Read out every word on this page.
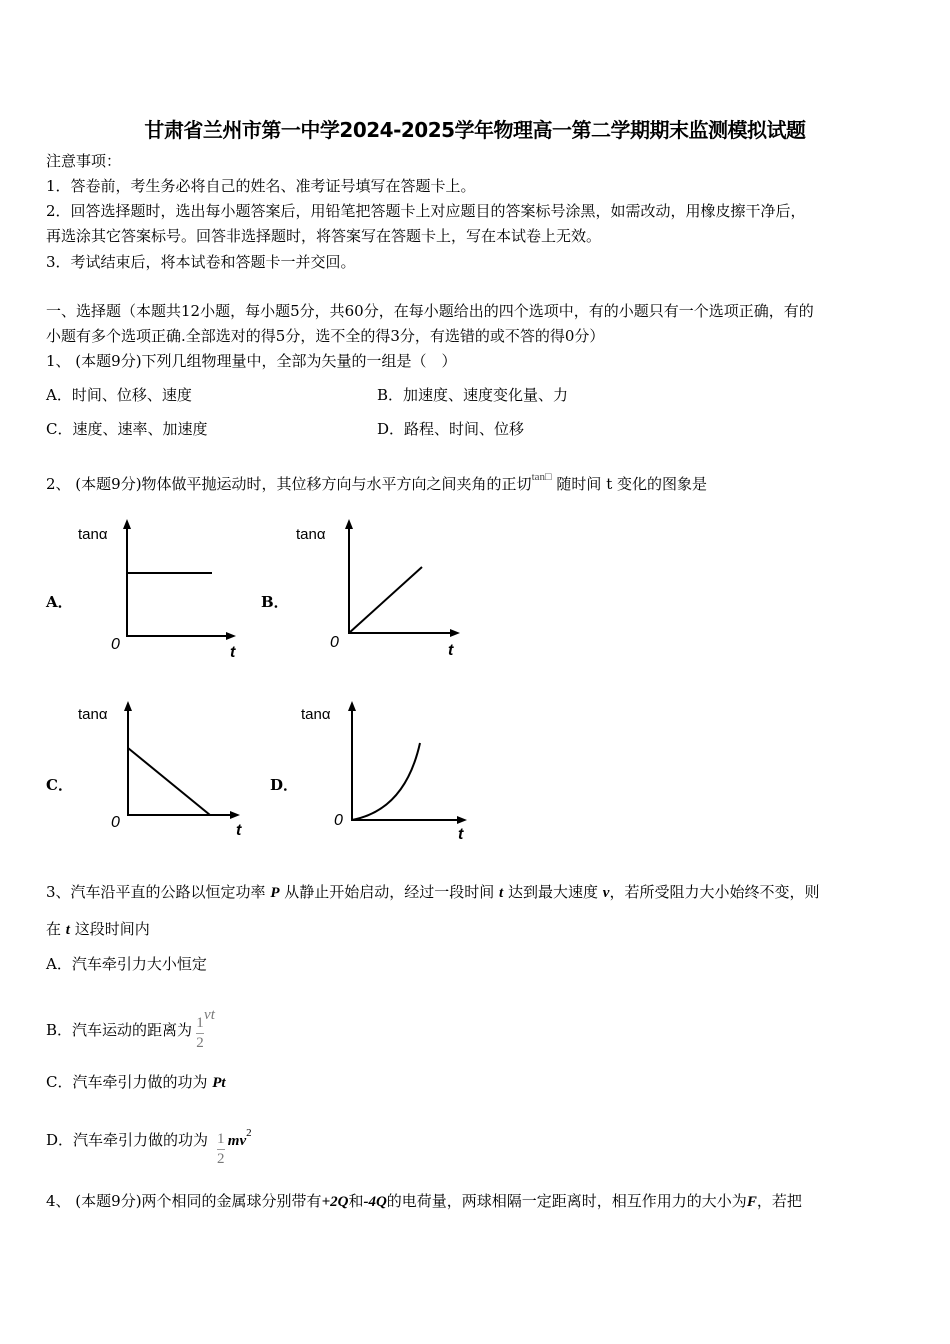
甘肃省兰州市第一中学2024-2025学年物理高一第二学期期末监测模拟试题
注意事项：
1．答卷前，考生务必将自己的姓名、准考证号填写在答题卡上。
2．回答选择题时，选出每小题答案后，用铅笔把答题卡上对应题目的答案标号涂黑，如需改动，用橡皮擦干净后，
再选涂其它答案标号。回答非选择题时，将答案写在答题卡上，写在本试卷上无效。
3．考试结束后，将本试卷和答题卡一并交回。
一、选择题（本题共12小题，每小题5分，共60分，在每小题给出的四个选项中，有的小题只有一个选项正确，有的
小题有多个选项正确.全部选对的得5分，选不全的得3分，有选错的或不答的得0分）
1、 (本题9分)下列几组物理量中，全部为矢量的一组是（　）
A．时间、位移、速度	B．加速度、速度变化量、力
C．速度、速率、加速度	D．路程、时间、位移
2、 (本题9分)物体做平抛运动时，其位移方向与水平方向之间夹角的正切$^{tan□}$ 随时间 t 变化的图象是
A．	B．
C．	D．
tanα
0	t
tanα
0	t
tanα
0	t
tanα
0
t
3、汽车沿平直的公路以恒定功率 P 从静止开始启动，经过一段时间 t 达到最大速度 v，若所受阻力大小始终不变，则
在 t 这段时间内
A．汽车牵引力大小恒定
B．汽车运动的距离为 $\frac{1}{2}$
vt
C．汽车牵引力做的功为 Pt
D．汽车牵引力做的功为 $\frac{1}{2} mv^2$
4、 (本题9分)两个相同的金属球分别带有+2Q和-4Q的电荷量，两球相隔一定距离时，相互作用力的大小为F，若把
